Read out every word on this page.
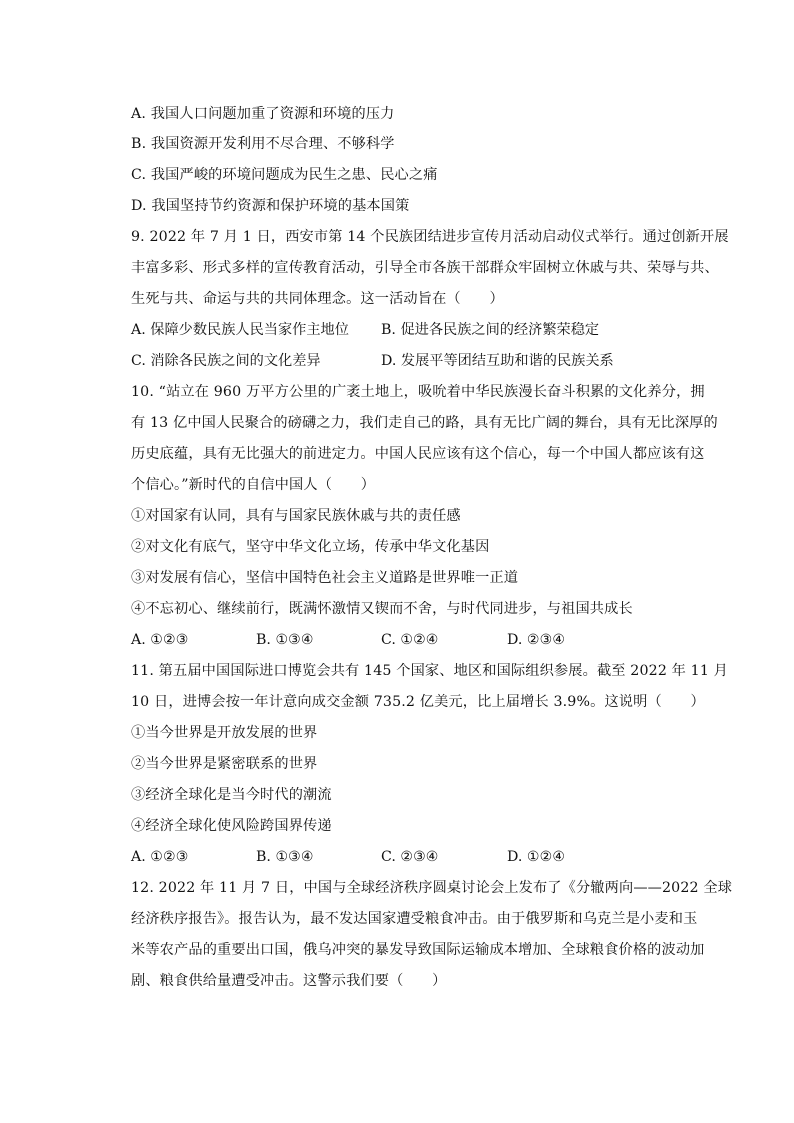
A. 我国人口问题加重了资源和环境的压力
B. 我国资源开发利用不尽合理、不够科学
C. 我国严峻的环境问题成为民生之患、民心之痛
D. 我国坚持节约资源和保护环境的基本国策
9. 2022 年 7 月 1 日，西安市第 14 个民族团结进步宣传月活动启动仪式举行。通过创新开展
丰富多彩、形式多样的宣传教育活动，引导全市各族干部群众牢固树立休戚与共、荣辱与共、
生死与共、命运与共的共同体理念。这一活动旨在（　　）
A. 保障少数民族人民当家作主地位 B. 促进各民族之间的经济繁荣稳定
C. 消除各民族之间的文化差异	D. 发展平等团结互助和谐的民族关系
10. “站立在 960 万平方公里的广袤土地上，吸吮着中华民族漫长奋斗积累的文化养分，拥
有 13 亿中国人民聚合的磅礴之力，我们走自己的路，具有无比广阔的舞台，具有无比深厚的
历史底蕴，具有无比强大的前进定力。中国人民应该有这个信心，每一个中国人都应该有这
个信心。”新时代的自信中国人（　　）
①对国家有认同，具有与国家民族休戚与共的责任感
②对文化有底气，坚守中华文化立场，传承中华文化基因
③对发展有信心，坚信中国特色社会主义道路是世界唯一正道
④不忘初心、继续前行，既满怀激情又锲而不舍，与时代同进步，与祖国共成长
A. ①②③	B. ①③④	C. ①②④	D. ②③④
11. 第五届中国国际进口博览会共有 145 个国家、地区和国际组织参展。截至 2022 年 11 月
10 日，进博会按一年计意向成交金额 735.2 亿美元，比上届增长 3.9%。这说明（　　）
①当今世界是开放发展的世界
②当今世界是紧密联系的世界
③经济全球化是当今时代的潮流
④经济全球化使风险跨国界传递
A. ①②③	B. ①③④	C. ②③④	D. ①②④
12. 2022 年 11 月 7 日，中国与全球经济秩序圆桌讨论会上发布了《分辙两向——2022 全球
经济秩序报告》。报告认为，最不发达国家遭受粮食冲击。由于俄罗斯和乌克兰是小麦和玉
米等农产品的重要出口国，俄乌冲突的暴发导致国际运输成本增加、全球粮食价格的波动加
剧、粮食供给量遭受冲击。这警示我们要（　　）
